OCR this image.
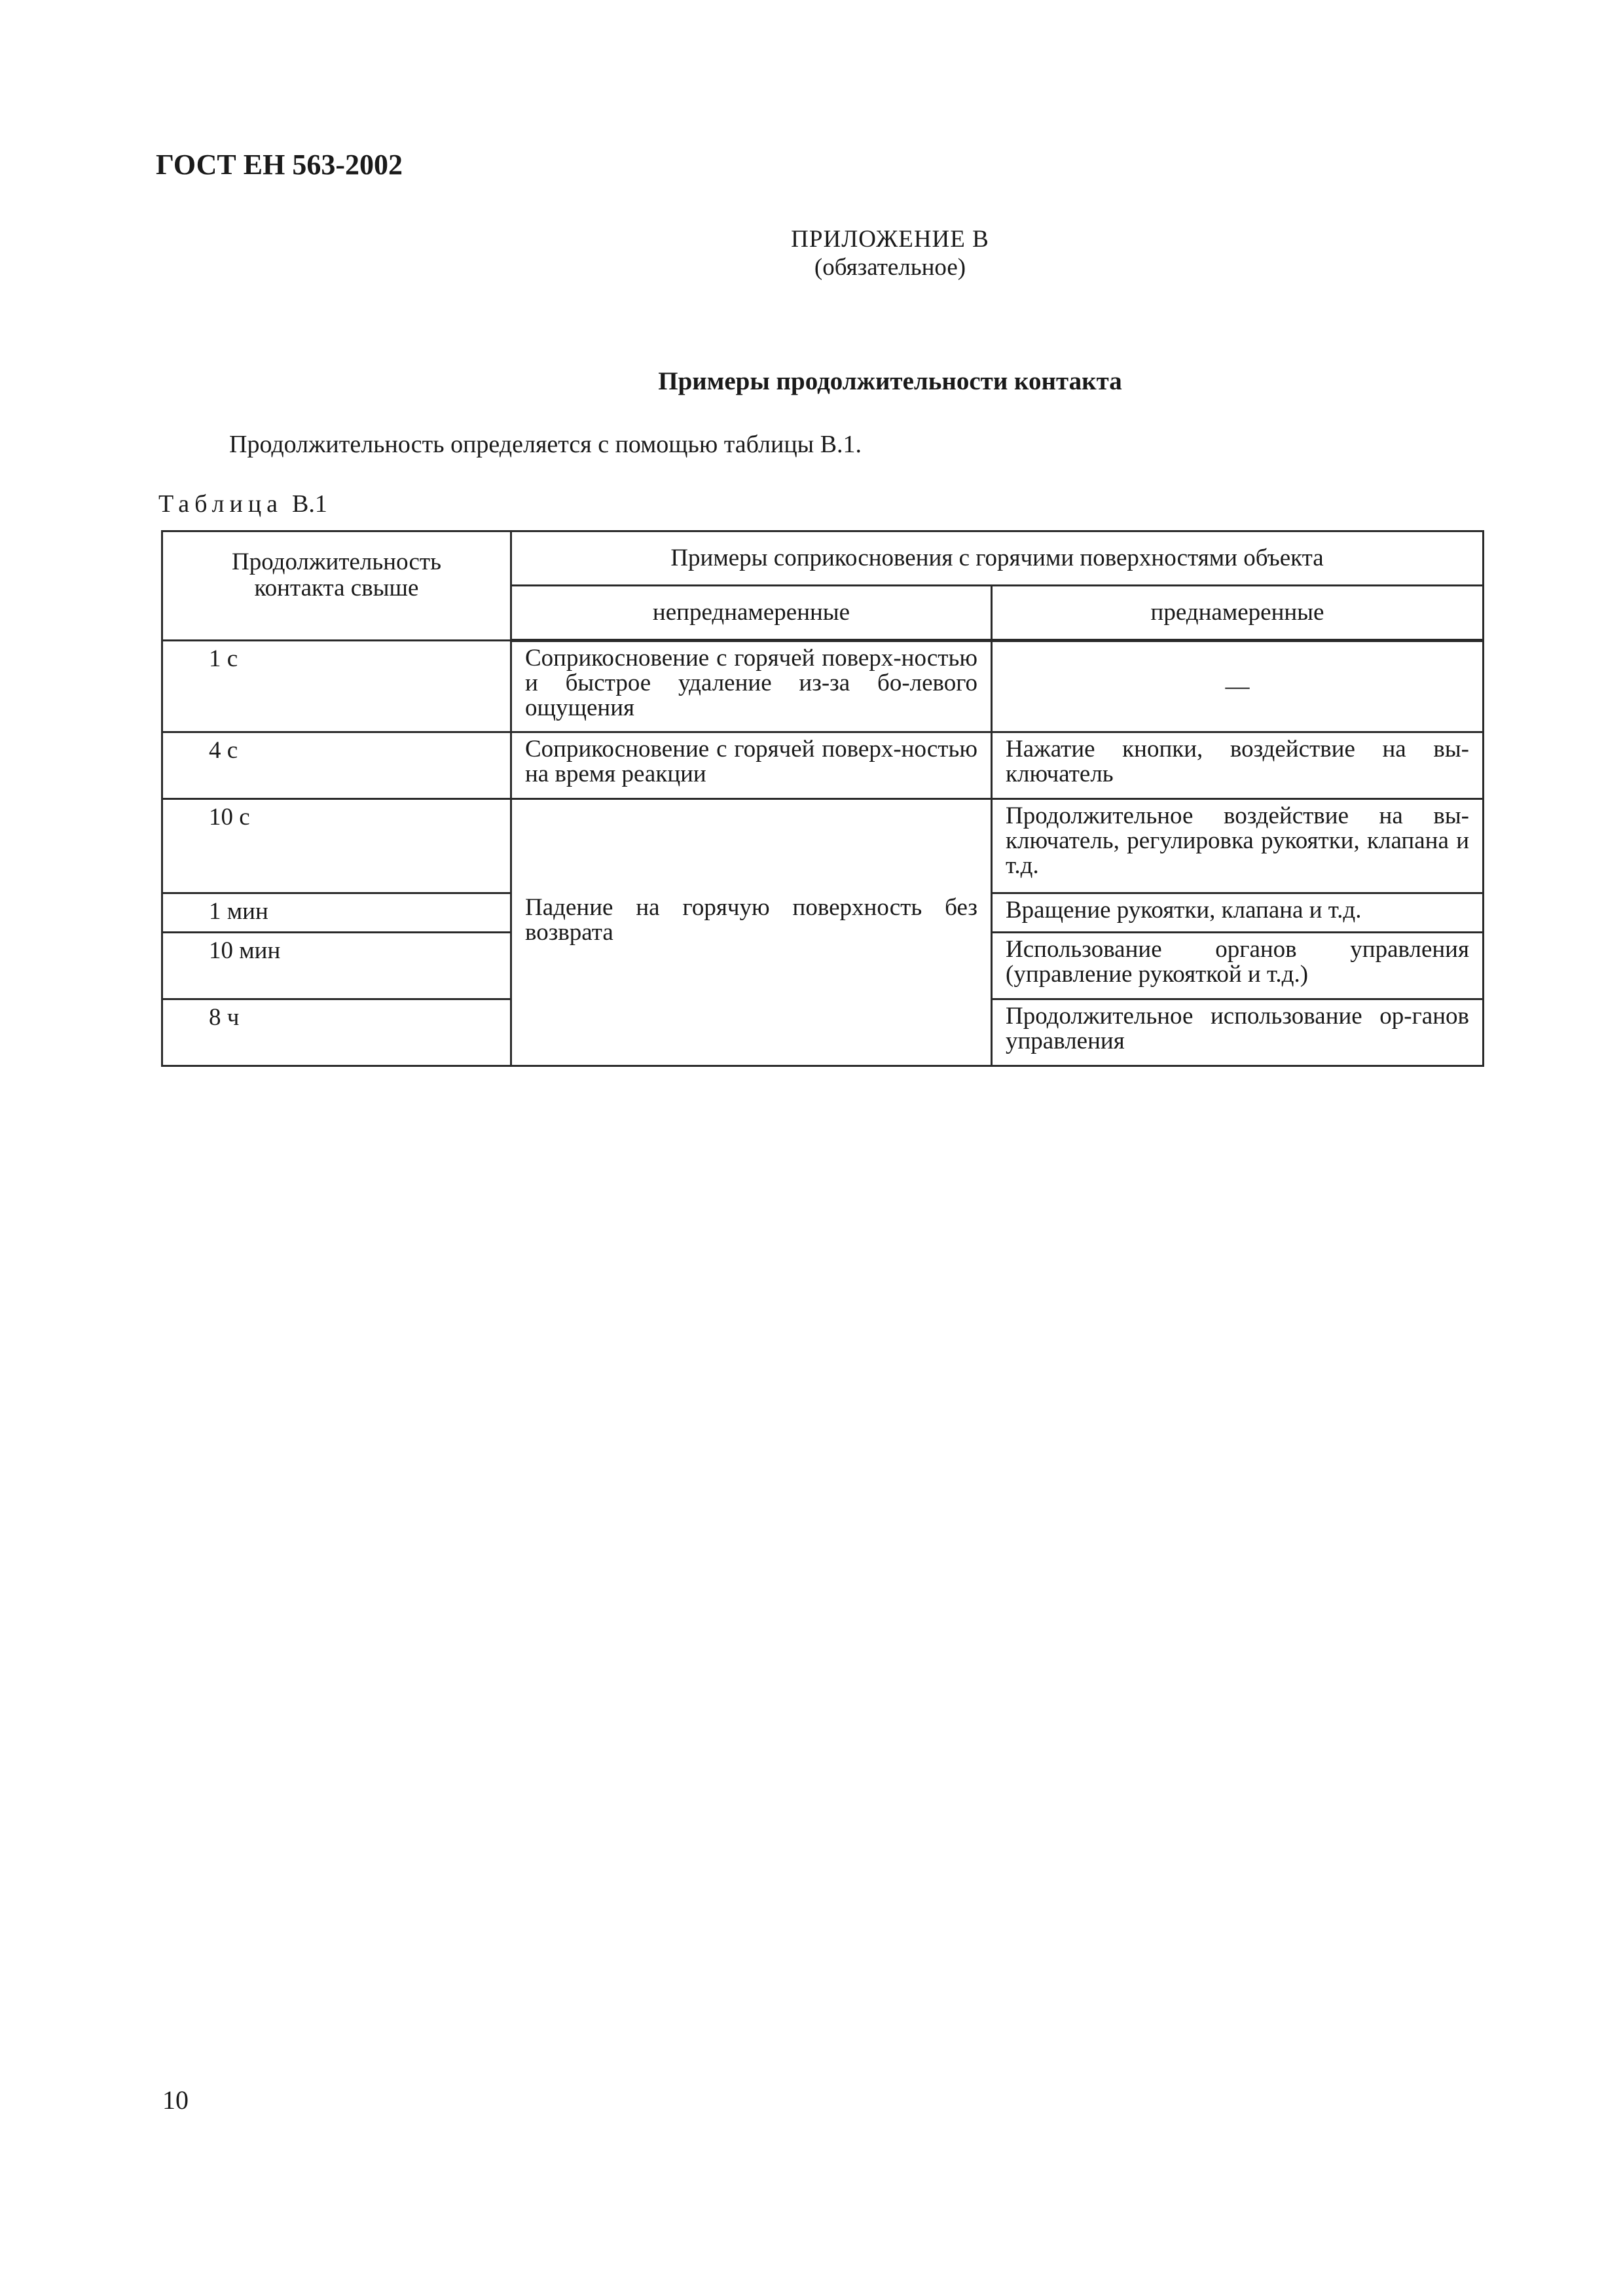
ГОСТ ЕН 563-2002
ПРИЛОЖЕНИЕ В
(обязательное)
Примеры продолжительности контакта
Продолжительность определяется с помощью таблицы В.1.
Таблица В.1
Продолжительность контакта свыше	Примеры соприкосновения с горячими поверхностями объекта	
	непреднамеренные	преднамеренные
1 с	Соприкосновение с горячей поверх-ностью и быстрое удаление из-за бо-левого ощущения	—
4 с	Соприкосновение с горячей поверх-ностью на время реакции	Нажатие кнопки, воздействие на вы-ключатель
10 с	Падение на горячую поверхность без возврата	Продолжительное воздействие на вы-ключатель, регулировка рукоятки, клапана и т.д.
1 мин		Вращение рукоятки, клапана и т.д.
10 мин		Использование органов управления (управление рукояткой и т.д.)
8 ч		Продолжительное использование ор-ганов управления
10
